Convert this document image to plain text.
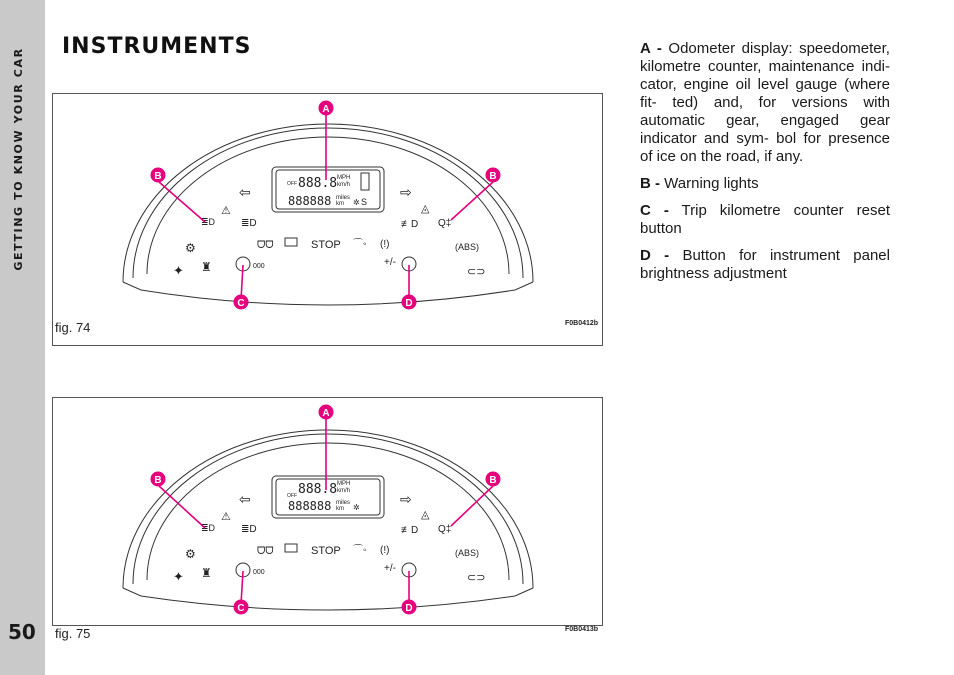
GETTING TO KNOW YOUR CAR
50
INSTRUMENTS
OFF 888.8 MPH
km/h
888888 miles
km S
✲
⇦	⇨
⚠
≣D
≣D	≢D
◬
Q‡
⚙	(ABS)
ᗜᗜ	STOP ⌒◦ (!)
✦ ♜	⊂⊃
000	+/-
A
B	B
C	D
fig. 74	F0B0412b
OFF 888.8 MPH
km/h
888888 miles
km ✲
⇦	⇨
⚠
≣D
≣D	≢D
◬
Q‡
⚙	(ABS)
ᗜᗜ	STOP ⌒◦ (!)
✦ ♜	⊂⊃
000	+/-
A
B	B
C	D
fig. 75	F0B0413b

A - Odometer display: speedometer, kilometre counter, maintenance indi- cator, engine oil level gauge (where fit- ted) and, for versions with automatic gear, engaged gear indicator and sym- bol for presence of ice on the road, if any.

B - Warning lights

C - Trip kilometre counter reset button

D - Button for instrument panel brightness adjustment
